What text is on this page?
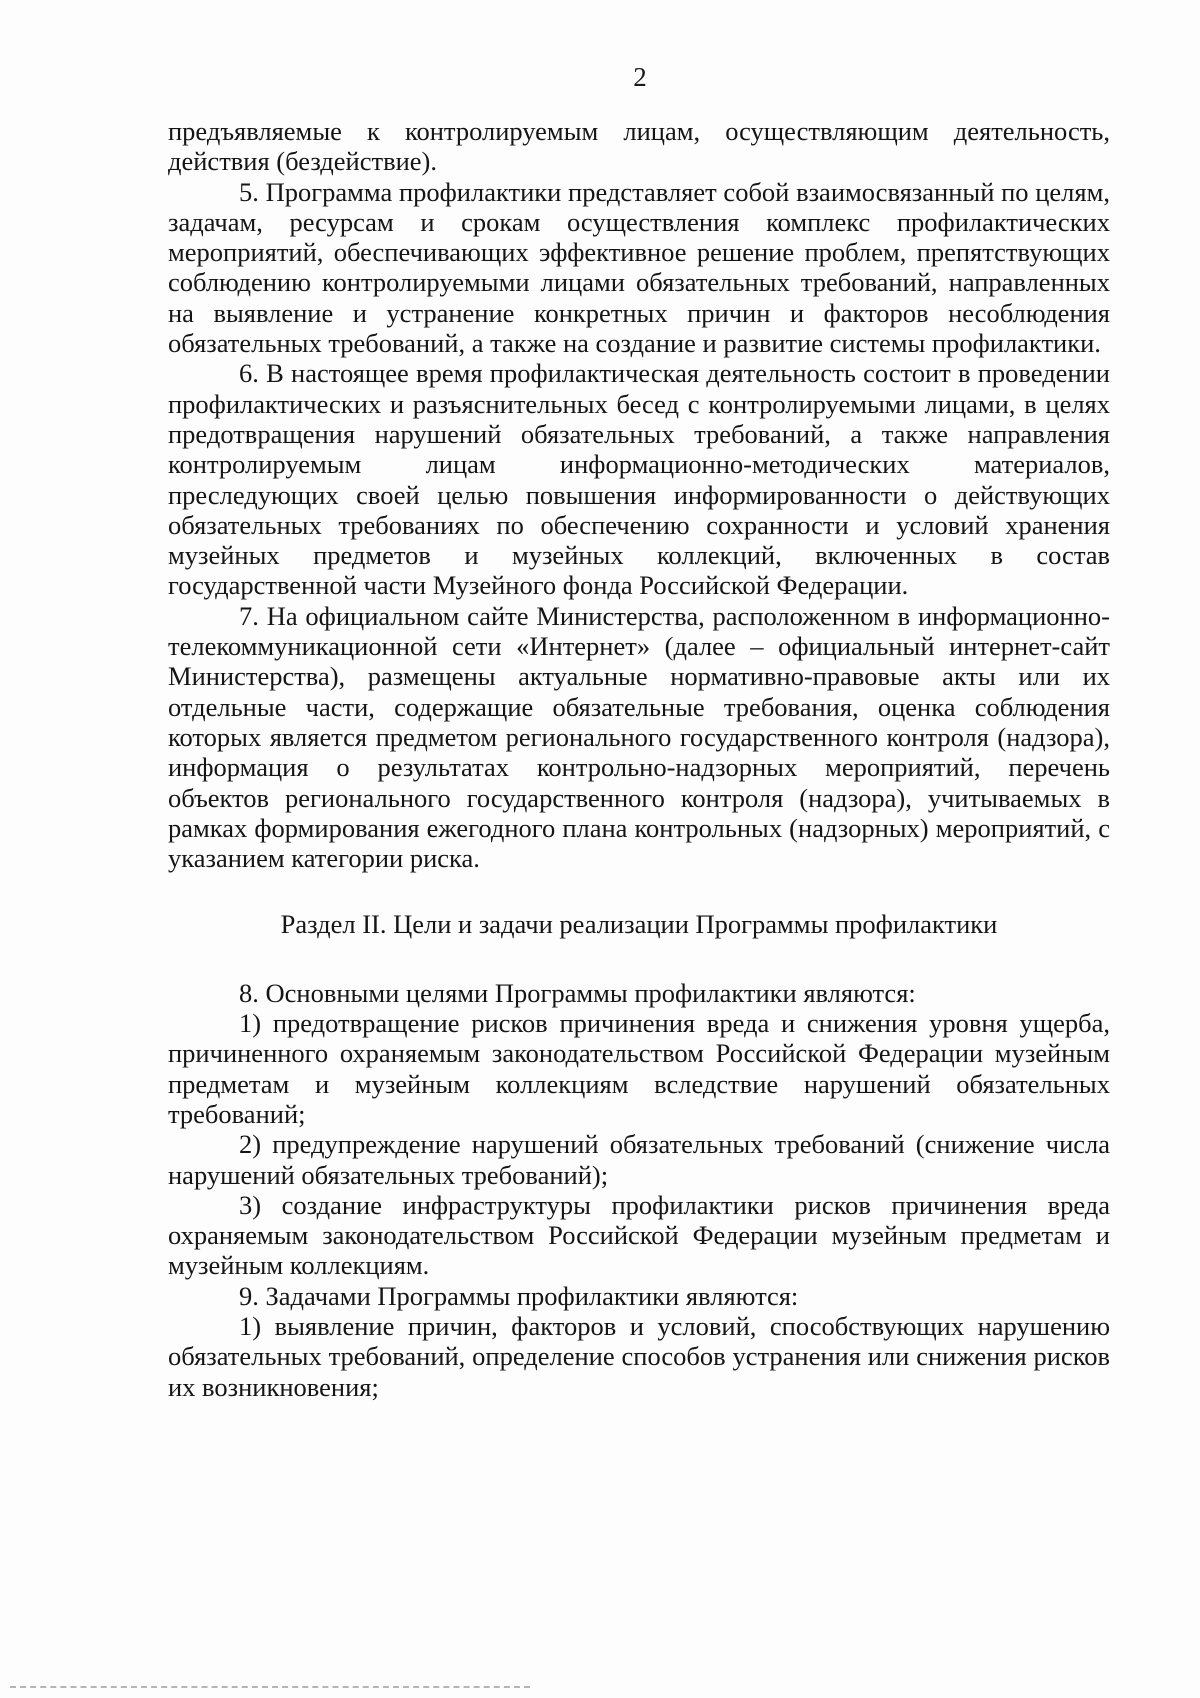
2

предъявляемые к контролируемым лицам, осуществляющим деятельность, действия (бездействие).

5. Программа профилактики представляет собой взаимосвязанный по целям, задачам, ресурсам и срокам осуществления комплекс профилактических мероприятий, обеспечивающих эффективное решение проблем, препятствующих соблюдению контролируемыми лицами обязательных требований, направленных на выявление и устранение конкретных причин и факторов несоблюдения обязательных требований, а также на создание и развитие системы профилактики.

6. В настоящее время профилактическая деятельность состоит в проведении профилактических и разъяснительных бесед с контролируемыми лицами, в целях предотвращения нарушений обязательных требований, а также направления контролируемым лицам информационно-методических материалов, преследующих своей целью повышения информированности о действующих обязательных требованиях по обеспечению сохранности и условий хранения музейных предметов и музейных коллекций, включенных в состав государственной части Музейного фонда Российской Федерации.

7. На официальном сайте Министерства, расположенном в информационно-телекоммуникационной сети «Интернет» (далее – официальный интернет-сайт Министерства), размещены актуальные нормативно-правовые акты или их отдельные части, содержащие обязательные требования, оценка соблюдения которых является предметом регионального государственного контроля (надзора), информация о результатах контрольно-надзорных мероприятий, перечень объектов регионального государственного контроля (надзора), учитываемых в рамках формирования ежегодного плана контрольных (надзорных) мероприятий, с указанием категории риска.

Раздел II. Цели и задачи реализации Программы профилактики

8. Основными целями Программы профилактики являются:

1) предотвращение рисков причинения вреда и снижения уровня ущерба, причиненного охраняемым законодательством Российской Федерации музейным предметам и музейным коллекциям вследствие нарушений обязательных требований;

2) предупреждение нарушений обязательных требований (снижение числа нарушений обязательных требований);

3) создание инфраструктуры профилактики рисков причинения вреда охраняемым законодательством Российской Федерации музейным предметам и музейным коллекциям.

9. Задачами Программы профилактики являются:

1) выявление причин, факторов и условий, способствующих нарушению обязательных требований, определение способов устранения или снижения рисков их возникновения;
